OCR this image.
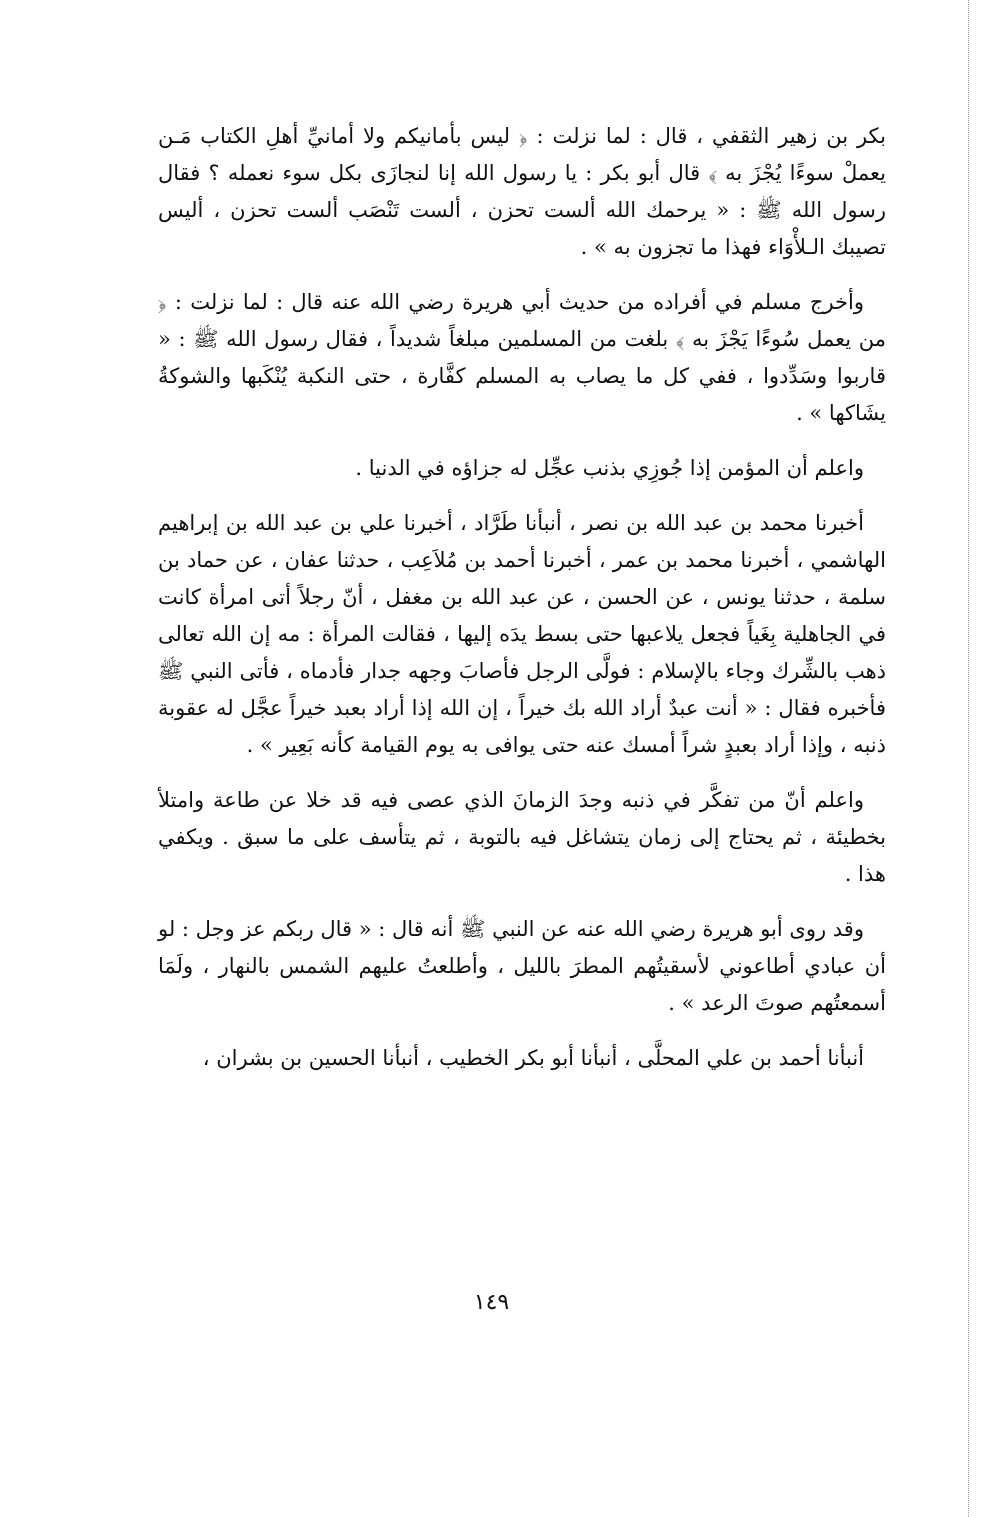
بكر بن زهير الثقفي ، قال : لما نزلت : ﴿ ليس بأمانيكم ولا أمانيِّ أهلِ الكتاب مَـن يعملْ سوءًا يُجْزَ به ﴾ قال أبو بكر : يا رسول الله إنا لنجازَى بكل سوء نعمله ؟ فقال رسول الله ﷺ : « يرحمك الله ألست تحزن ، ألست تَنْصَب ألست تحزن ، أليس تصيبك الـلأْوَاء فهذا ما تجزون به » .

وأخرج مسلم في أفراده من حديث أبي هريرة رضي الله عنه قال : لما نزلت : ﴿ من يعمل سُوءًا يَجْزَ به ﴾ بلغت من المسلمين مبلغاً شديداً ، فقال رسول الله ﷺ : « قاربوا وسَدِّدوا ، ففي كل ما يصاب به المسلم كفَّارة ، حتى النكبة يُنْكَبها والشوكةُ يشَاكها » .

واعلم أن المؤمن إذا جُوزِي بذنب عجِّل له جزاؤه في الدنيا .

أخبرنا محمد بن عبد الله بن نصر ، أنبأنا طَرَّاد ، أخبرنا علي بن عبد الله بن إبراهيم الهاشمي ، أخبرنا محمد بن عمر ، أخبرنا أحمد بن مُلاَعِب ، حدثنا عفان ، عن حماد بن سلمة ، حدثنا يونس ، عن الحسن ، عن عبد الله بن مغفل ، أنّ رجلاً أتى امرأة كانت في الجاهلية بِغَياً فجعل يلاعبها حتى بسط يدَه إليها ، فقالت المرأة : مه إن الله تعالى ذهب بالشِّرك وجاء بالإسلام : فولَّى الرجل فأصابَ وجهه جدار فأدماه ، فأتى النبي ﷺ فأخبره فقال : « أنت عبدٌ أراد الله بك خيراً ، إن الله إذا أراد بعبد خيراً عجَّل له عقوبة ذنبه ، وإذا أراد بعبدٍ شراً أمسك عنه حتى يوافى به يوم القيامة كأنه بَعِير » .

واعلم أنّ من تفكَّر في ذنبه وجدَ الزمانَ الذي عصى فيه قد خلا عن طاعة وامتلأ بخطيئة ، ثم يحتاج إلى زمان يتشاغل فيه بالتوبة ، ثم يتأسف على ما سبق . ويكفي هذا .

وقد روى أبو هريرة رضي الله عنه عن النبي ﷺ أنه قال : « قال ربكم عز وجل : لو أن عبادي أطاعوني لأسقيتُهم المطرَ بالليل ، وأطلعتُ عليهم الشمس بالنهار ، ولَمَا أسمعتُهم صوتَ الرعد » .

أنبأنا أحمد بن علي المحلَّى ، أنبأنا أبو بكر الخطيب ، أنبأنا الحسين بن بشران ،

١٤٩
